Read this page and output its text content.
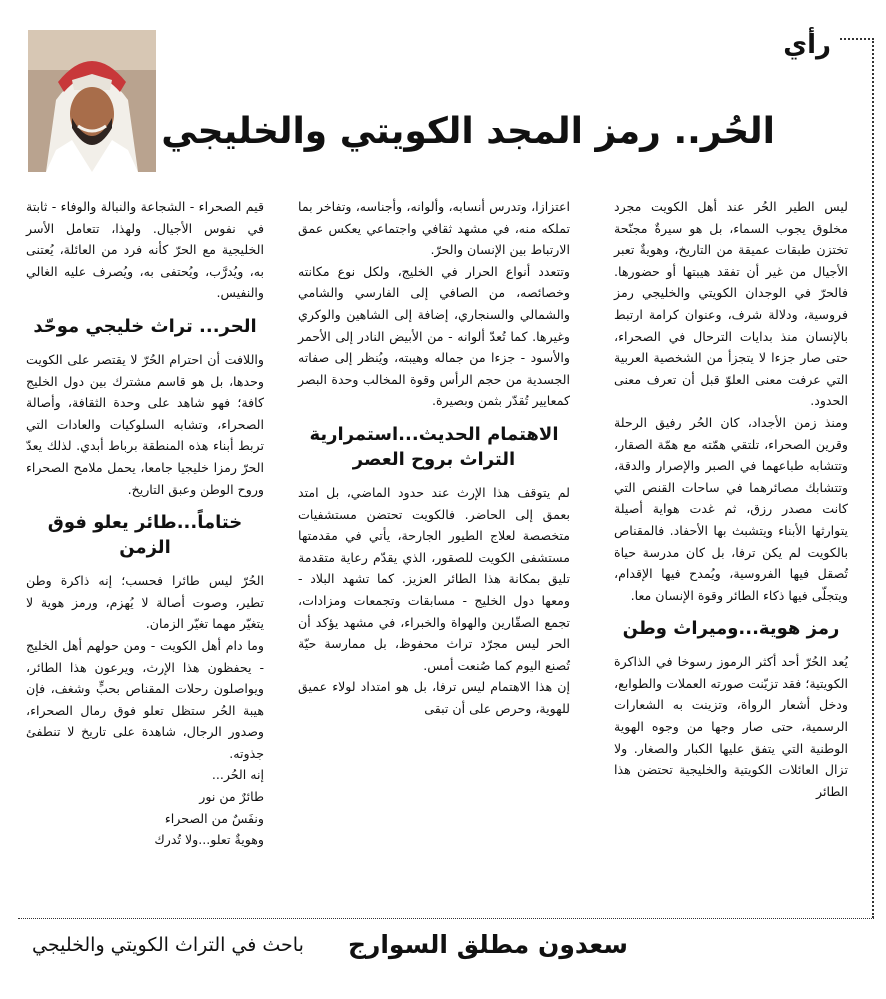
رأي
الحُر.. رمز المجد الكويتي والخليجي

ليس الطير الحُر عند أهل الكويت مجرد مخلوق يجوب السماء، بل هو سيرةٌ مجنّحة تختزن طبقات عميقة من التاريخ، وهويةٌ تعبر الأجيال من غير أن تفقد هيبتها أو حضورها. فالحرّ في الوجدان الكويتي والخليجي رمز فروسية، ودلالة شرف، وعنوان كرامة ارتبط بالإنسان منذ بدايات الترحال في الصحراء، حتى صار جزءا لا يتجزأ من الشخصية العربية التي عرفت معنى العلوّ قبل أن تعرف معنى الحدود.

ومنذ زمن الأجداد، كان الحُر رفيق الرحلة وقرين الصحراء، تلتقي همّته مع همّة الصقار، وتتشابه طباعهما في الصبر والإصرار والدقة، وتتشابك مصائرهما في ساحات القنص التي كانت مصدر رزق، ثم غدت هواية أصيلة يتوارثها الأبناء ويتشبث بها الأحفاد. فالمقناص بالكويت لم يكن ترفا، بل كان مدرسة حياة تُصقل فيها الفروسية، ويُمدح فيها الإقدام، ويتجلّى فيها ذكاء الطائر وقوة الإنسان معا.

رمز هوية...وميراث وطن

يُعد الحُرّ أحد أكثر الرموز رسوخا في الذاكرة الكويتية؛ فقد تزيّنت صورته العملات والطوابع، ودخل أشعار الرواة، وتزينت به الشعارات الرسمية، حتى صار وجها من وجوه الهوية الوطنية التي يتفق عليها الكبار والصغار. ولا تزال العائلات الكويتية والخليجية تحتضن هذا الطائر

اعتزازا، وتدرس أنسابه، وألوانه، وأجناسه، وتفاخر بما تملكه منه، في مشهد ثقافي واجتماعي يعكس عمق الارتباط بين الإنسان والحرّ.

وتتعدد أنواع الحرار في الخليج، ولكل نوع مكانته وخصائصه، من الصافي إلى الفارسي والشامي والشمالي والسنجاري، إضافة إلى الشاهين والوكري وغيرها. كما تُعدّ ألوانه - من الأبيض النادر إلى الأحمر والأسود - جزءا من جماله وهيبته، ويُنظر إلى صفاته الجسدية من حجم الرأس وقوة المخالب وحدة البصر كمعايير تُقدّر بثمن وبصيرة.

الاهتمام الحديث...استمرارية التراث بروح العصر

لم يتوقف هذا الإرث عند حدود الماضي، بل امتد بعمق إلى الحاضر. فالكويت تحتضن مستشفيات متخصصة لعلاج الطيور الجارحة، يأتي في مقدمتها مستشفى الكويت للصقور، الذي يقدّم رعاية متقدمة تليق بمكانة هذا الطائر العزيز. كما تشهد البلاد - ومعها دول الخليج - مسابقات وتجمعات ومزادات، تجمع الصقّارين والهواة والخبراء، في مشهد يؤكد أن الحر ليس مجرّد تراث محفوظ، بل ممارسة حيّة تُصنع اليوم كما صُنعت أمس.

إن هذا الاهتمام ليس ترفا، بل هو امتداد لولاء عميق للهوية، وحرص على أن تبقى

قيم الصحراء - الشجاعة والنبالة والوفاء - ثابتة في نفوس الأجيال. ولهذا، تتعامل الأسر الخليجية مع الحرّ كأنه فرد من العائلة، يُعتنى به، ويُدرَّب، ويُحتفى به، ويُصرف عليه الغالي والنفيس.

الحر... تراث خليجي موحّد

واللافت أن احترام الحُرّ لا يقتصر على الكويت وحدها، بل هو قاسم مشترك بين دول الخليج كافة؛ فهو شاهد على وحدة الثقافة، وأصالة الصحراء، وتشابه السلوكيات والعادات التي تربط أبناء هذه المنطقة برباط أبدي. لذلك يعدّ الحرّ رمزا خليجيا جامعا، يحمل ملامح الصحراء وروح الوطن وعبق التاريخ.

ختاماً...طائر يعلو فوق الزمن

الحُرّ ليس طائرا فحسب؛ إنه ذاكرة وطن تطير، وصوت أصالة لا يُهزم، ورمز هوية لا يتغيّر مهما تغيّر الزمان.

وما دام أهل الكويت - ومن حولهم أهل الخليج - يحفظون هذا الإرث، ويرعون هذا الطائر، ويواصلون رحلات المقناص بحبٍّ وشغف، فإن هيبة الحُر ستظل تعلو فوق رمال الصحراء، وصدور الرجال، شاهدة على تاريخ لا تنطفئ جذوته.

إنه الحُر...
طائرٌ من نور
ونفَسٌ من الصحراء
وهويةٌ تعلو...ولا تُدرك
سعدون مطلق السوارج
باحث في التراث الكويتي والخليجي
